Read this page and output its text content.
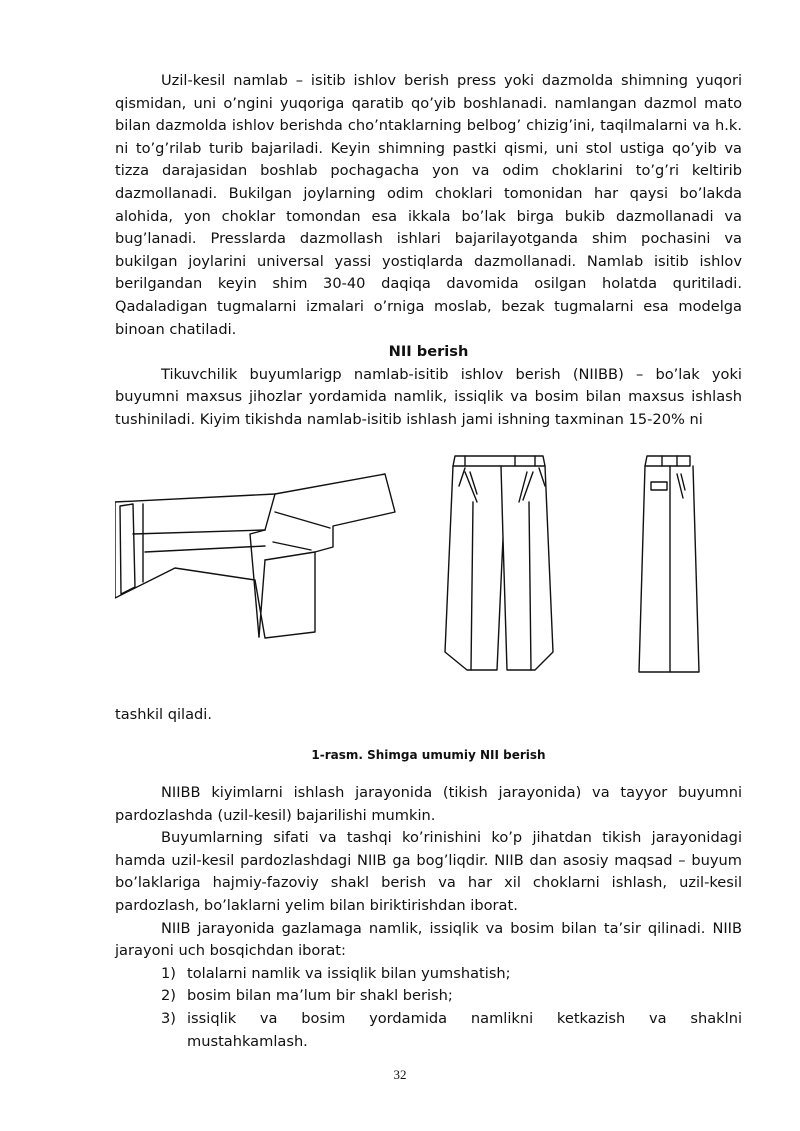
Uzil-kesil namlab – isitib ishlov berish press yoki dazmolda shimning yuqori qismidan, uni o’ngini yuqoriga qaratib qo’yib boshlanadi. namlangan dazmol mato bilan dazmolda ishlov berishda cho’ntaklarning belbog’ chizig’ini, taqilmalarni va h.k. ni to’g’rilab turib bajariladi. Keyin shimning pastki qismi, uni stol ustiga qo’yib va tizza darajasidan boshlab pochagacha yon va odim choklarini to’g’ri keltirib dazmollanadi. Bukilgan joylarning odim choklari tomonidan har qaysi bo’lakda alohida, yon choklar tomondan esa ikkala bo’lak birga bukib dazmollanadi va bug’lanadi. Presslarda dazmollash ishlari bajarilayotganda shim pochasini va bukilgan joylarini universal yassi yostiqlarda dazmollanadi. Namlab isitib ishlov berilgandan keyin shim 30-40 daqiqa davomida osilgan holatda quritiladi. Qadaladigan tugmalarni izmalari o’rniga moslab, bezak tugmalarni esa modelga binoan chatiladi.

NII berish

Tikuvchilik buyumlarigp namlab-isitib ishlov berish (NIIBB) – bo’lak yoki buyumni maxsus jihozlar yordamida namlik, issiqlik va bosim bilan maxsus ishlash tushiniladi. Kiyim tikishda namlab-isitib ishlash jami ishning taxminan 15-20% ni

tashkil qiladi.

1-rasm. Shimga umumiy NII berish

NIIBB kiyimlarni ishlash jarayonida (tikish jarayonida) va tayyor buyumni pardozlashda (uzil-kesil) bajarilishi mumkin.

Buyumlarning sifati va tashqi ko’rinishini ko’p jihatdan tikish jarayonidagi hamda uzil-kesil pardozlashdagi NIIB ga bog’liqdir. NIIB dan asosiy maqsad – buyum bo’laklariga hajmiy-fazoviy shakl berish va har xil choklarni ishlash, uzil-kesil pardozlash, bo’laklarni yelim bilan biriktirishdan iborat.

NIIB jarayonida gazlamaga namlik, issiqlik va bosim bilan ta’sir qilinadi. NIIB jarayoni uch bosqichdan iborat:

1) tolalarni namlik va issiqlik bilan yumshatish;
2) bosim bilan ma’lum bir shakl berish;
3) issiqlik    va    bosim    yordamida    namlikni    ketkazish    va    shaklni
mustahkamlash.
32
